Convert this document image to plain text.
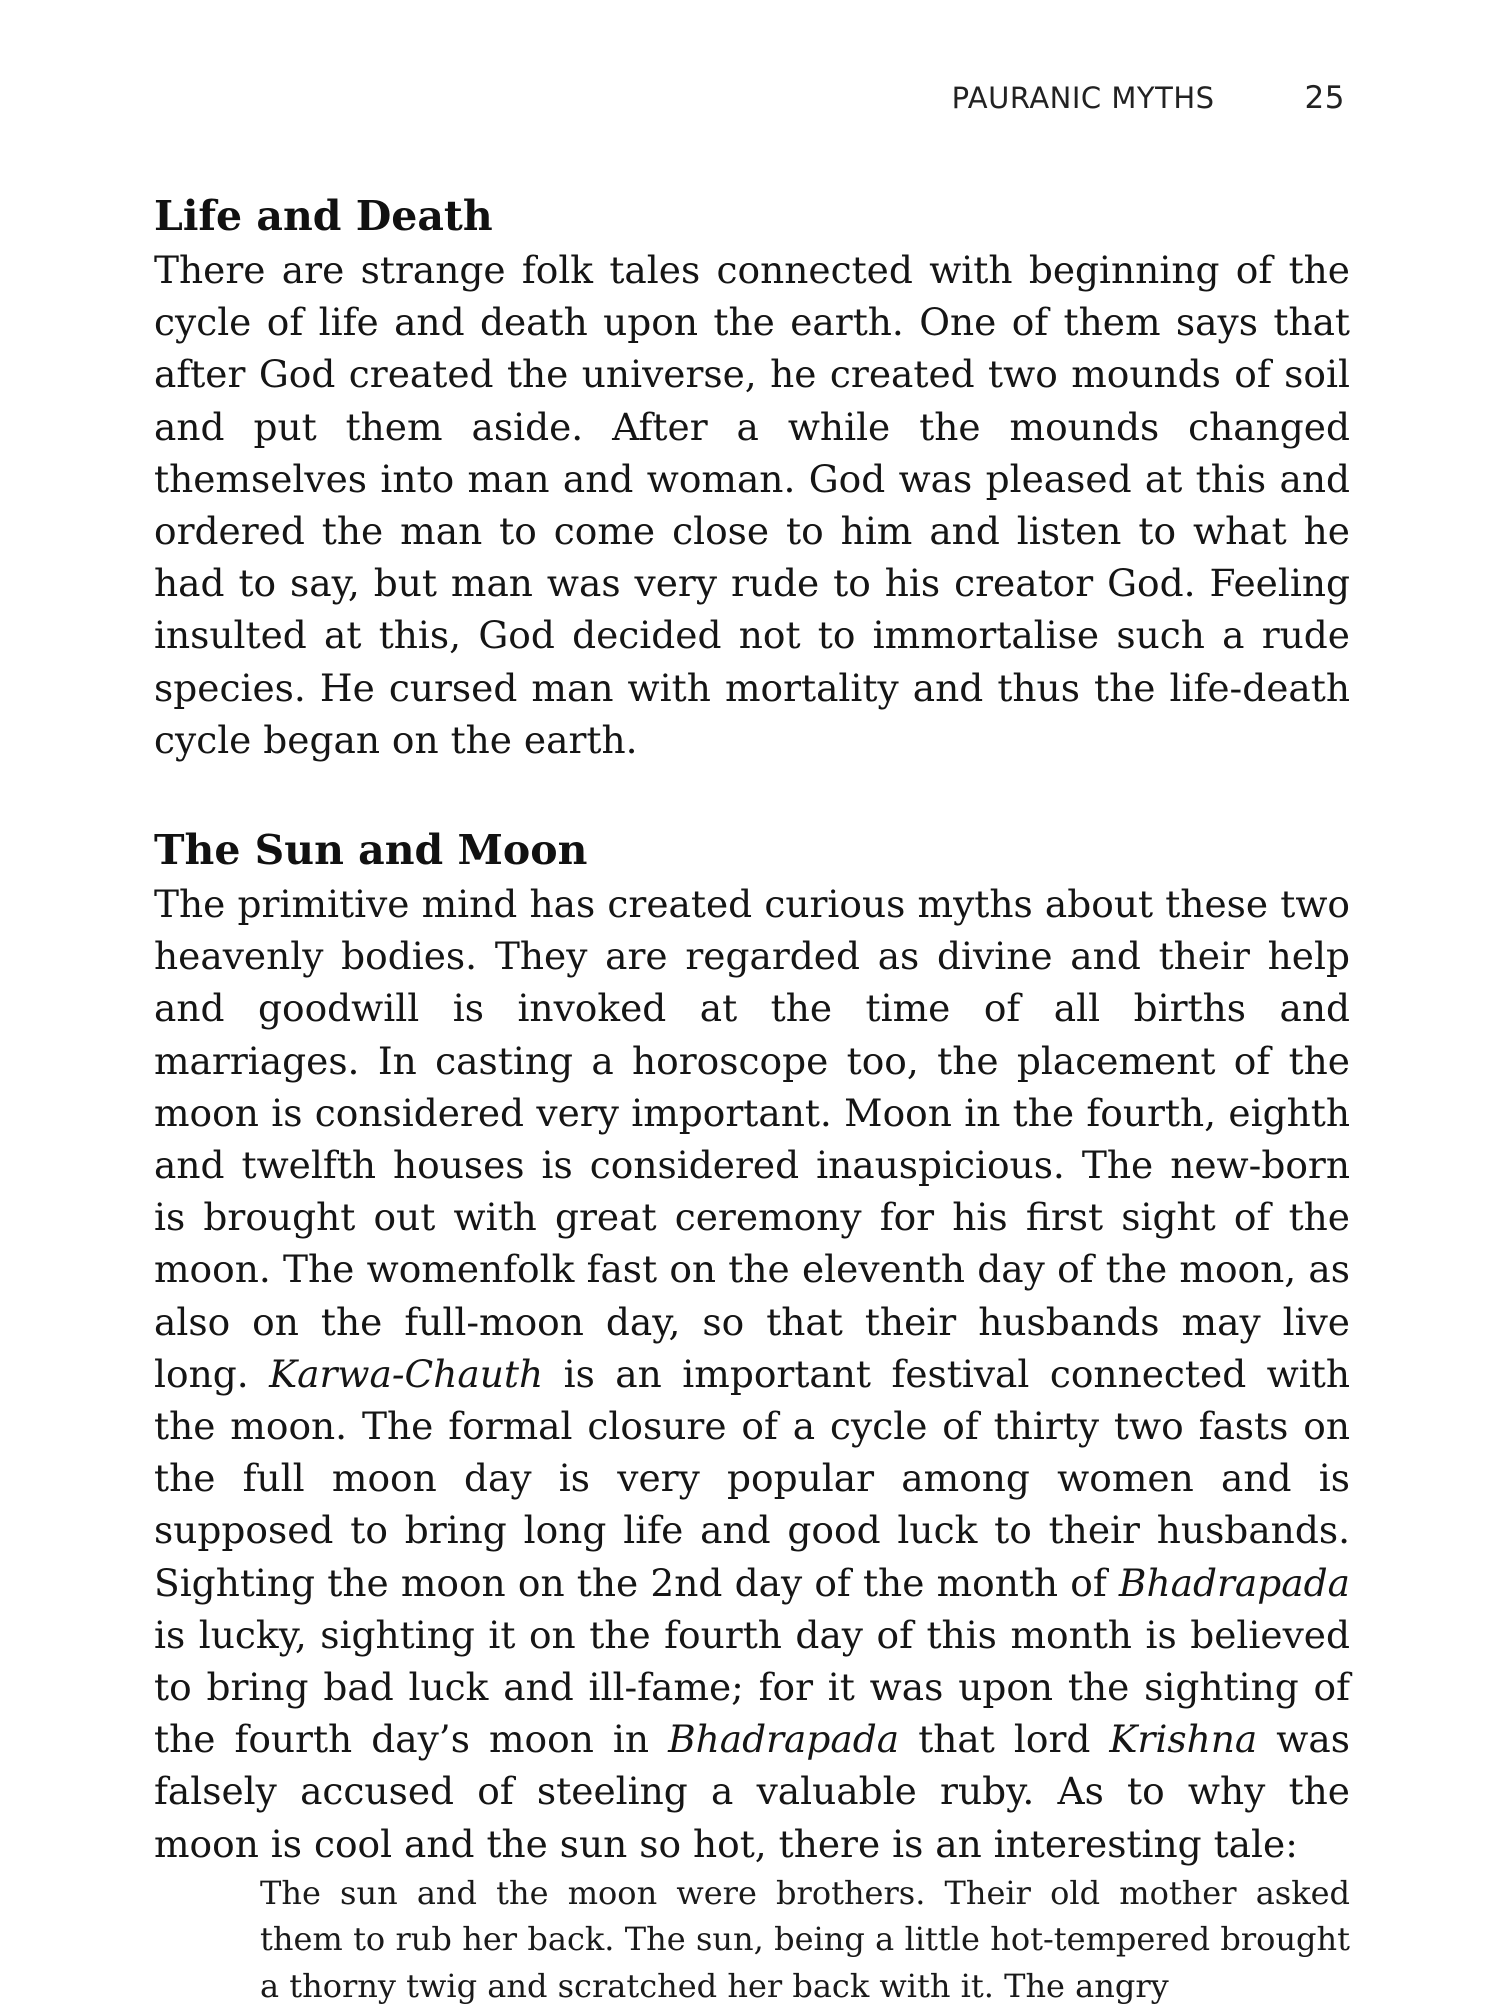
PAURANIC MYTHS	25
Life and Death

There are strange folk tales connected with beginning of the cycle of life and death upon the earth. One of them says that after God created the universe, he created two mounds of soil and put them aside. After a while the mounds changed themselves into man and woman. God was pleased at this and ordered the man to come close to him and listen to what he had to say, but man was very rude to his creator God. Feeling insulted at this, God decided not to immortalise such a rude species. He cursed man with mortality and thus the life-death cycle began on the earth.

The Sun and Moon

The primitive mind has created curious myths about these two heavenly bodies. They are regarded as divine and their help and goodwill is invoked at the time of all births and marriages. In casting a horoscope too, the placement of the moon is considered very important. Moon in the fourth, eighth and twelfth houses is considered inauspicious. The new-born is brought out with great ceremony for his first sight of the moon. The womenfolk fast on the eleventh day of the moon, as also on the full-moon day, so that their husbands may live long. Karwa-Chauth is an important festival connected with the moon. The formal closure of a cycle of thirty two fasts on the full moon day is very popular among women and is supposed to bring long life and good luck to their husbands. Sighting the moon on the 2nd day of the month of Bhadrapada is lucky, sighting it on the fourth day of this month is believed to bring bad luck and ill-fame; for it was upon the sighting of the fourth day’s moon in Bhadrapada that lord Krishna was falsely accused of steeling a valuable ruby. As to why the moon is cool and the sun so hot, there is an interesting tale:

The sun and the moon were brothers. Their old mother asked them to rub her back. The sun, being a little hot-tempered brought a thorny twig and scratched her back with it. The angry
